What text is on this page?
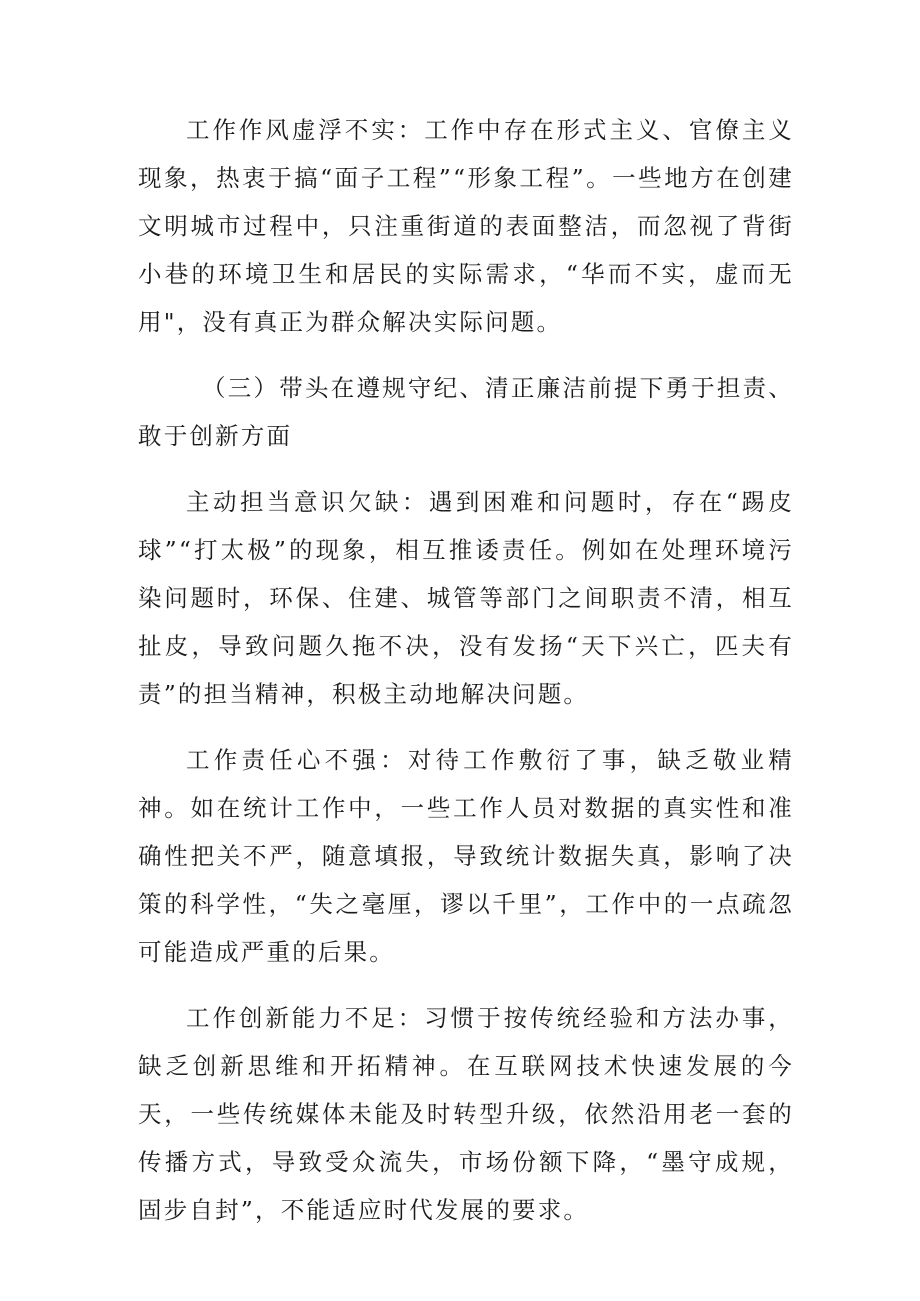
工作作风虚浮不实：工作中存在形式主义、官僚主义现象，热衷于搞“面子工程”“形象工程”。一些地方在创建文明城市过程中，只注重街道的表面整洁，而忽视了背街小巷的环境卫生和居民的实际需求，“华而不实，虚而无用"，没有真正为群众解决实际问题。

（三）带头在遵规守纪、清正廉洁前提下勇于担责、敢于创新方面

主动担当意识欠缺：遇到困难和问题时，存在“踢皮球”“打太极”的现象，相互推诿责任。例如在处理环境污染问题时，环保、住建、城管等部门之间职责不清，相互扯皮，导致问题久拖不决，没有发扬“天下兴亡，匹夫有责”的担当精神，积极主动地解决问题。

工作责任心不强：对待工作敷衍了事，缺乏敬业精神。如在统计工作中，一些工作人员对数据的真实性和准确性把关不严，随意填报，导致统计数据失真，影响了决策的科学性，“失之毫厘，谬以千里”，工作中的一点疏忽可能造成严重的后果。

工作创新能力不足：习惯于按传统经验和方法办事，缺乏创新思维和开拓精神。在互联网技术快速发展的今天，一些传统媒体未能及时转型升级，依然沿用老一套的传播方式，导致受众流失，市场份额下降，“墨守成规，固步自封”，不能适应时代发展的要求。
